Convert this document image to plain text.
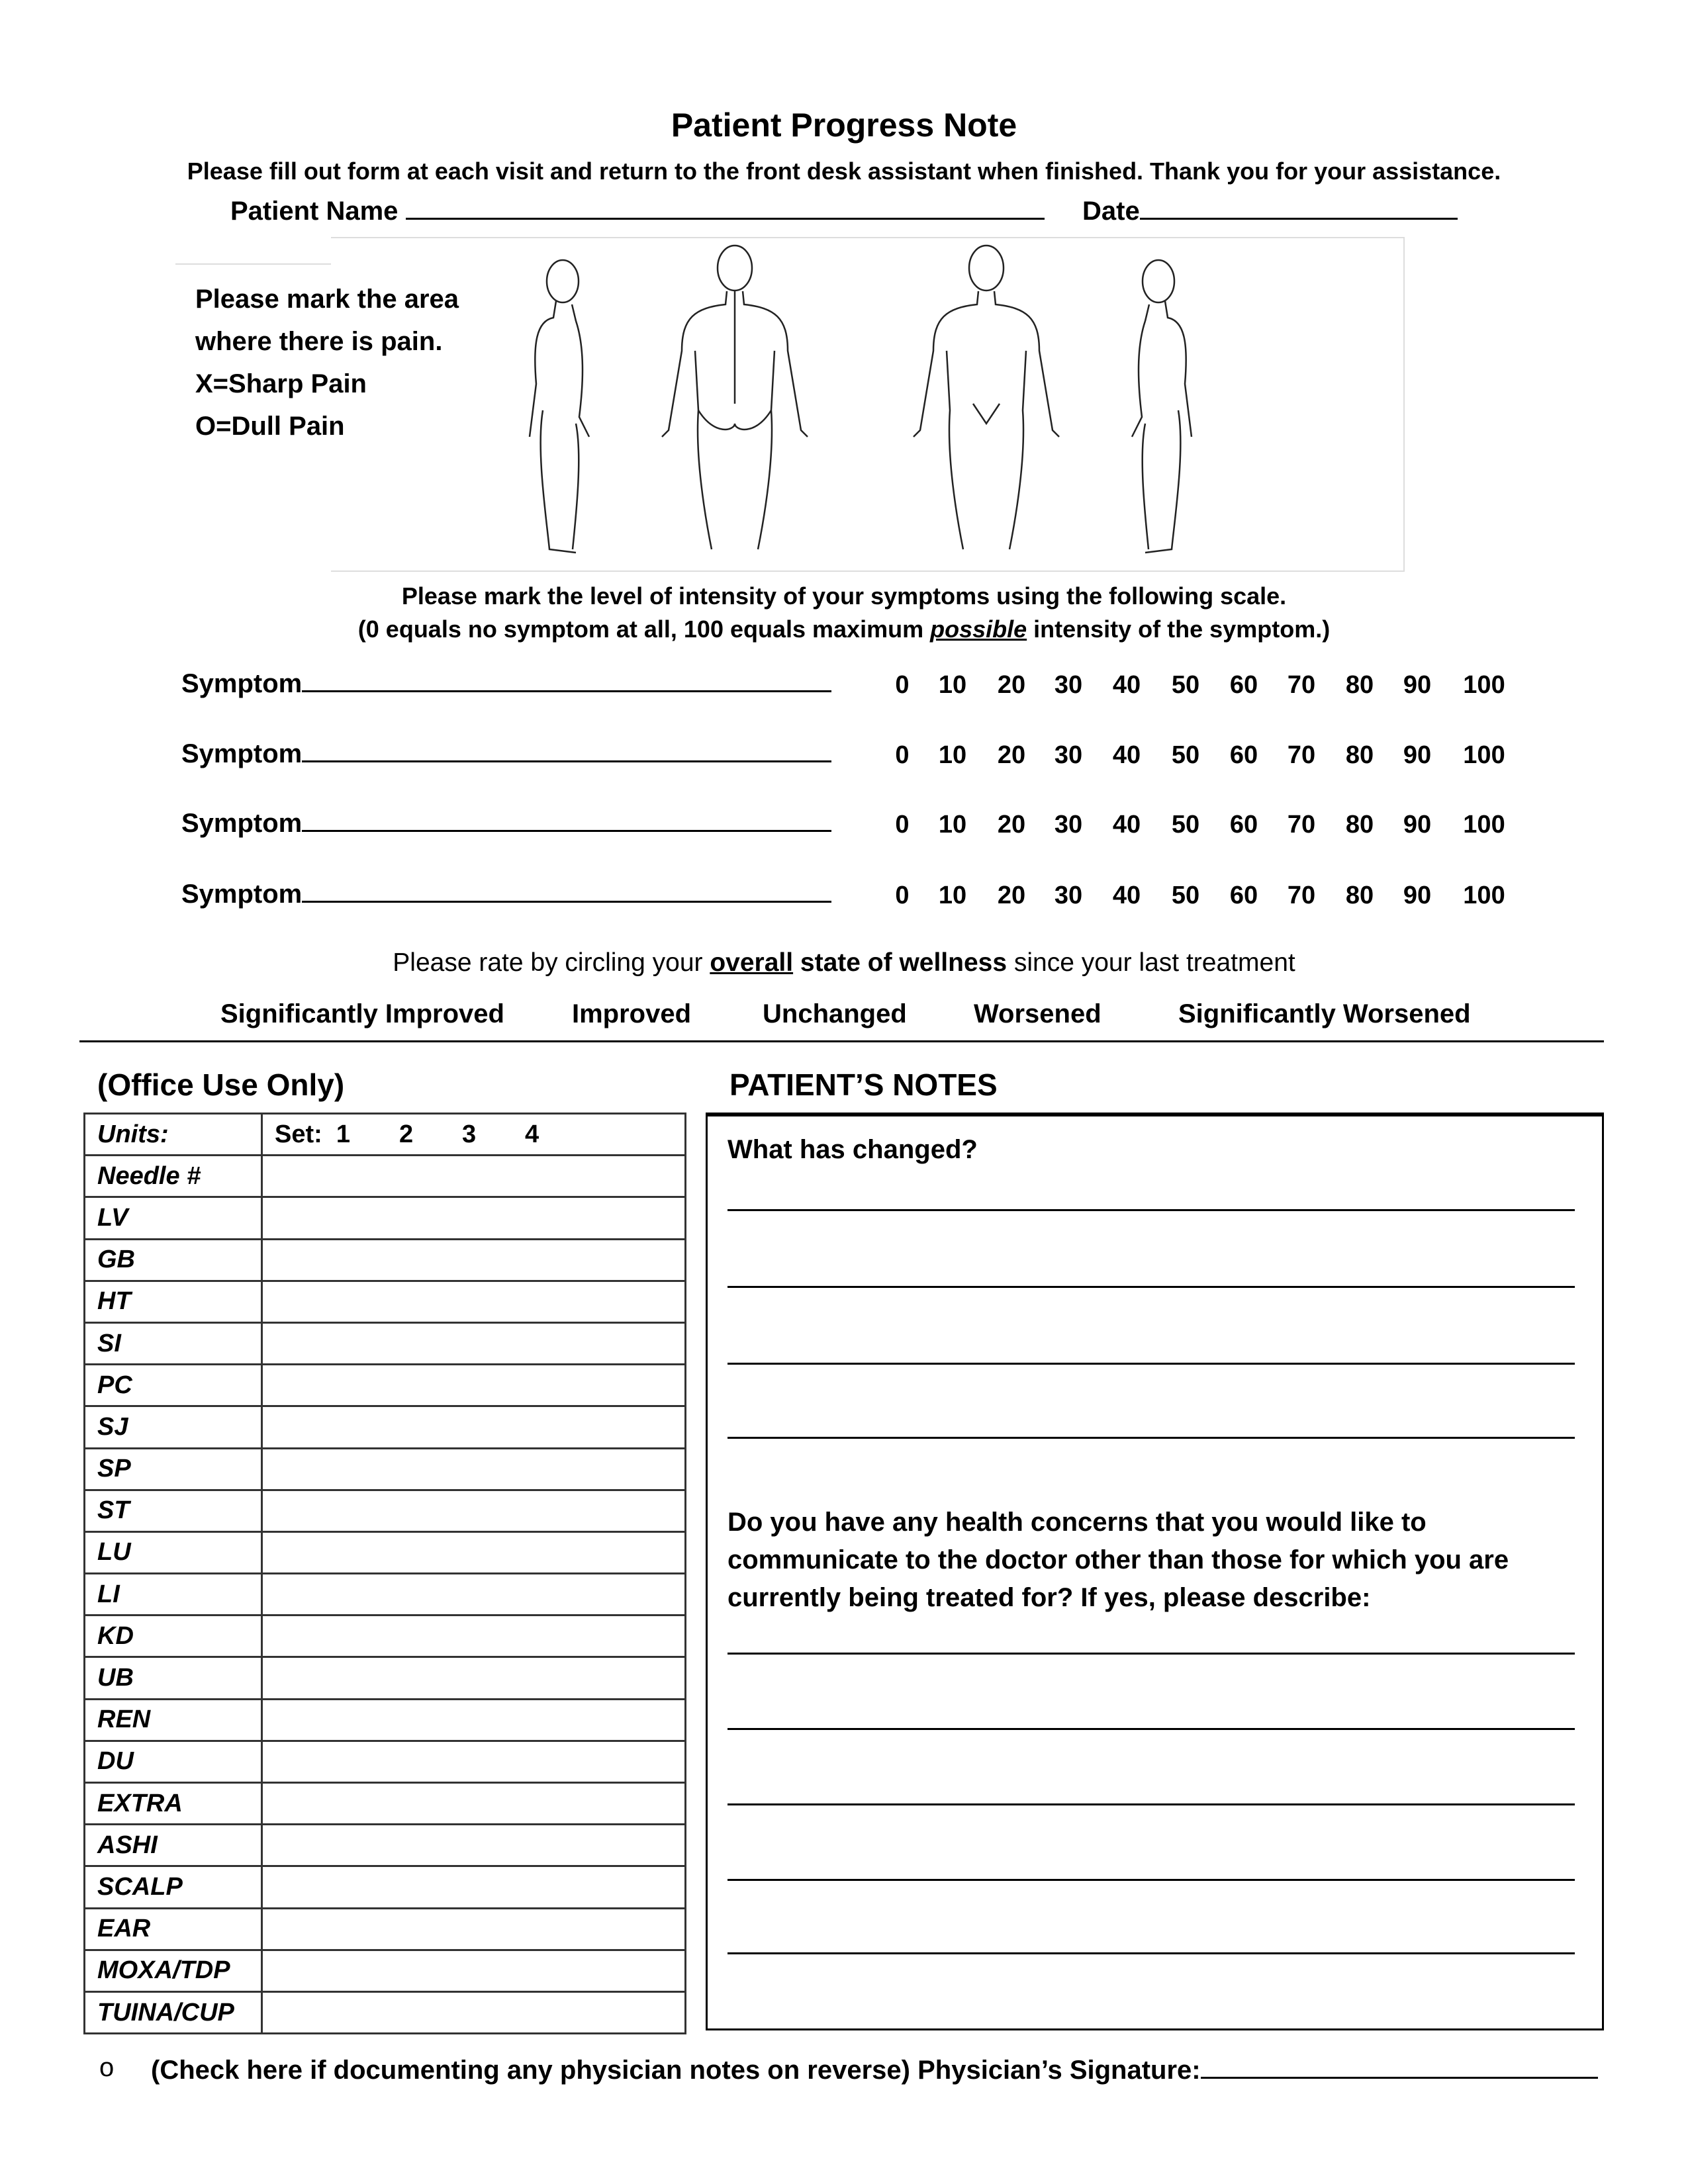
Patient Progress Note
Please fill out form at each visit and return to the front desk assistant when finished. Thank you for your assistance.
Patient Name	Date
Please mark the area
where there is pain.
X=Sharp Pain
O=Dull Pain
Please mark the level of intensity of your symptoms using the following scale.
(0 equals no symptom at all, 100 equals maximum possible intensity of the symptom.)
Symptom	0 10 20 30 40 50 60 70 80 90 100
Symptom	0 10 20 30 40 50 60 70 80 90 100
Symptom	0 10 20 30 40 50 60 70 80 90 100
Symptom	0 10 20 30 40 50 60 70 80 90 100
Please rate by circling your overall state of wellness since your last treatment
Significantly Improved	Improved	Unchanged	Worsened	Significantly Worsened
(Office Use Only)	PATIENT’S NOTES
Units:	Set:  1       2       3       4
Needle #	
LV	
GB	
HT	
SI	
PC	
SJ	
SP	
ST	
LU	
LI	
KD	
UB	
REN	
DU	
EXTRA	
ASHI	
SCALP	
EAR	
MOXA/TDP	
TUINA/CUP	
What has changed?
Do you have any health concerns that you would like to
communicate to the doctor other than those for which you are
currently being treated for? If yes, please describe:
o (Check here if documenting any physician notes on reverse) Physician’s Signature:
